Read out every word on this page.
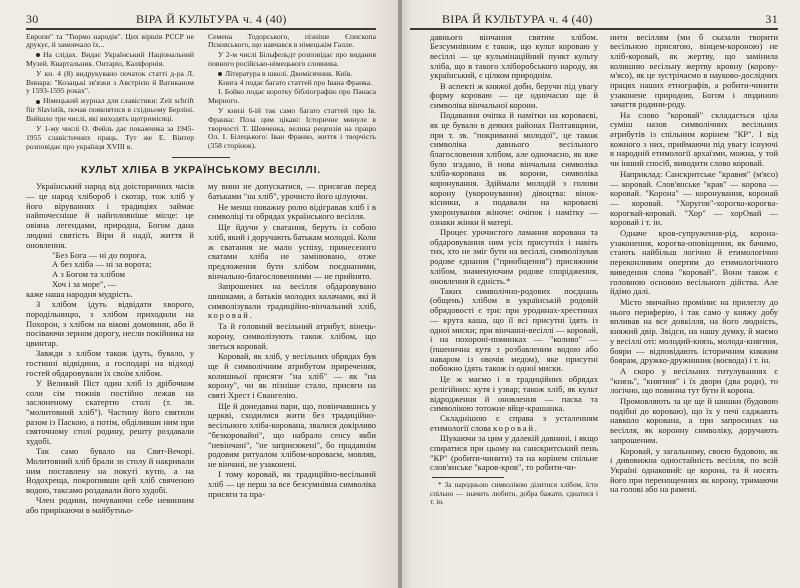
30	ВІРА Й КУЛЬТУРА ч. 4 (40)

Европи" та "Тюрмо народів". Цих віршів РССР не друкує, й замовчало їх...

На слідах. Видає Український Національний Музей. Квартальник. Онтаріо, Каліфорнія.

У кн. 4 (8) видрукувано початок статті д-ра Л. Винара: "Козацькі зв'язки з Австрією й Ватиканом у 1593-1595 роках".

Німецький журнал для славістики: Zeit schrift für Slavistik, почав появлятися в східньому Берліні. Вийшло три числі, які виходять щотримісяці.

У 1-му числі О. Фейль дає покажчика за 1945-1955 славістичних праць. Тут же Е. Вінтер розповідає про українця XVIII в.

Семена Тодорського, пізніше Єпископа Псковського, що навчався в німецькім Галле.

У 2-м числі Більфельдт розповідає про видання повного російсько-німецького словника.

Література в школі. Двомісячник. Київ.

Книга 4 подає багато статтей про Івана Франка.

І. Бойко подає коротку бібліографію про Панаса Мирного.

У книзі 6-ій так само багато статтей про Ів. Франка: Поза цим цікаві: Історичне минуле в творчості Т. Шевченка, велика рецензія на працю Ол. І. Білецького: Іван Франко, життя і творчість (358 сторінок).

КУЛЬТ ХЛІБА В УКРАЇНСЬКОМУ ВЕСІЛЛІ.

Український народ від доісторичних часів — це народ хлібороб і скотар, тож хліб у його віруваннях і традиціях займає найпочесніше й найголовніше місце: це овіяна легендами, природна, Богом дана людині святість Віри й надії, життя й оновлення.

"Без Бога — ні до порога,
А без хліба — ні за ворота;
А з Богом та хлібом
Хоч і за море", —

каже наша народня мудрість.

З хлібом ідуть відвідати хворого, породільницю, з хлібом приходили на Похорон, з хлібом на вікові домовини, або й посіваючи зерном дорогу, несли покійника на цвинтар.

Завжди з хлібом також ідуть, бувало, у гостинні відвідини, а господарі на відході гостей обдаровували їх своїм хлібом.

У Великий Піст один хліб із дрібочком соли сім тижнів постійно лежав на заслоненому скатертю столі (т. зв. "молитовний хліб"). Частину його святили разом із Паскою, а потім, обділивши ним при святочному столі родину, решту роздавали худобі.

Так само бувало на Свят-Вечорі. Молитовний хліб брали зо столу й накривали ним поставлену на покуті кутю, а на Водохреща, покропивши цей хліб свяченою водою, таксамо роздавали його худобі.

Член родини, почуваючи себе невинним або прирікаючи в майбутньо-

му вини не допускатися, — присягав перед батьками "на хліб", урочисто його цілуючи.

Не менш поважну ролю відігравав хліб і в символіці та обрядах українського весілля.

Ще йдучи у сватання, беруть із собою хліб, який і доручають батькам молодої. Коли ж сватання не мало успіху, принесеного сватами хліба не замінювано, отже предложення бути хлібом поєднаними, вінчально-благословенними — не прийнято.

Запрошених на весілля обдаровувано шишками, а батьків молодих калачами, які й символізували традиційно-вінчальний хліб, коровай.

Та й головний весільний атрибут, вінець-корону, символізують також хлібом, що зветься коровай.

Коровай, як хліб, у весільних обрядах був ще й символічним атрибутом приречення, колишньої присяги "на хліб" — як "на корону", чи як пізніше стало, присяги на святі Хрест і Євангелію.

Ще й донедавна пари, що, повінчавшись у церкві, сходилися жити без традиційно-весільного хліба-корована, звалися докірливо "безкоровайні", що набрало сенсу якби "невінчані", "не заприсяжені", бо прадавнім родовим ритуалом хлібом-короваєм, мовляв, не вінчані, не узаконені.

І тому коровай, як традиційно-весільний хліб — це перш за все безсумнівна символіка присяги та пра-

ВІРА Й КУЛЬТУРА ч. 4 (40)	31

давнього вінчання святим хлібом. Безсумнівним є також, що культ короваю у весіллі — це кульмінаційний пункт культу хліба, що в такого хліборобського народу, як український, є цілком природнім.

В аспекті ж княжої доби, беручи під увагу форму короваю — це одночасно ще й символіка вінчальної корони.

Подавання очіпка й намітки на короваєві, як це бувало в деяких районах Полтавщини, при т. зв. "покриванні молодої", це також символіка давнього весільного благословення хлібом, але одночасно, як вже було згадано, й нова вінчальна символіка хліба-корована як корони, символіка коронування. Здіймали молодій з голови корону (укоронування) дівоцтва: вінок-кісники, а подавали на короваєві укоронування жіноче: очіпок і намітку — ознаки жінки й матері.

Процес урочистого ламання корована та обдаровування ним усіх присутніх і навіть тих, хто не зміг бути на весіллі, символізував родове єднання ("приобщення") присяжним хлібом, знаменуючим родове спорідження, оновлення й єдність.*

Таких символічно-родових поєднань (общень) хлібом в українській родовій обрядовості є три: при уродинах-хрестинах — крута каша, що її всі присутні їдять із одної миски; при вінчанні-весіллі — коровай, і на похороні-поминках — "коливо" — (пшенична кутя з розбавленим водою або наваром із овочів медом), яке присутні побожно їдять також із одної миски.

Це ж маємо і в традиційних обрядах релігійних: кутя і узвар; також хліб, як культ відродження й оновлення — паска та символікою тотожне яйце-крашанка.

Складнішою є справа з усталенням етимології слова коровай.

Шукаючи за цим у далекій давнині, і якщо спиратися при цьому на санскритський пень "КР" (робити-чинити) та на корінем спільне слов'янське "каров-кров", то робити-чи-

* За народньою символікою ділитися хлібом, їсти спільно — значить любити, добра бажати, єднатися і т. ін.

нити весіллям (ми б сказали творити весільною присягою, вінцем-короною) не хліб-коровай, як жертву, що замінила колишню весільну жертву кровну (корову-м'ясо), як це зустрічаємо в науково-дослідчих працях наших етнографів, а робити-чинити узаконене природою, Богом і людиною зачаття родини-роду.

На слово "коровай" складається ціла суміш назов символічних весільних атрибутів із спільним корінем "КР". І від кожного з них, приймаючи під увагу існуючі в народній етимології архаїзми, можна, у той чи інший спосіб, виводити слово коровай.

Наприклад: Санскритське "кравия" (м'ясо) — коровай. Слов'янське "крав" — корова — коровай. "Корона" — коронування, коронай — коровай. "Хоругов"-хорогва-корогва-корогвай-коровай. "Хор" — хорОвай — коровай і т. ін.

Одначе кров-супруження-рід, корона-узаконення, корогва-оповіщення, як бачимо, стають найбільш логічно й етимологічно переконливим опертям до етимологічного виведення слова "коровай". Вони також є головною основою весільного дійства. Але йдімо далі.

Місто звичайно проміниє на прилеглу до нього периферію, і так само у княжу добу впливав на все довкілля, на його людність, княжий двір. Звідси, на нашу думку, й маємо у весіллі оті: молодий-князь, молода-княгиня, бояри — відповідають історичним княжим боярам, дружко-дружинник (воєвода) і т. ін.

А скоро у весільних титулуваннях є "князь", "княгиня" і їх двори (два роди), то логічно, що повинна тут бути й корона.

Промовляють за це ще й шишки (будовою подібні до короваю), що їх у печі саджають навколо корована, а при запросинах на весілля, як коронну символіку, доручають запрошеним.

Коровай, у загальному, своєю будовою, як і дивовижна одностайність весілля, по всій Україні однаковий: це корона, та й носять його при перенощеннях як корону, тримаючи на голові або на рамені.
